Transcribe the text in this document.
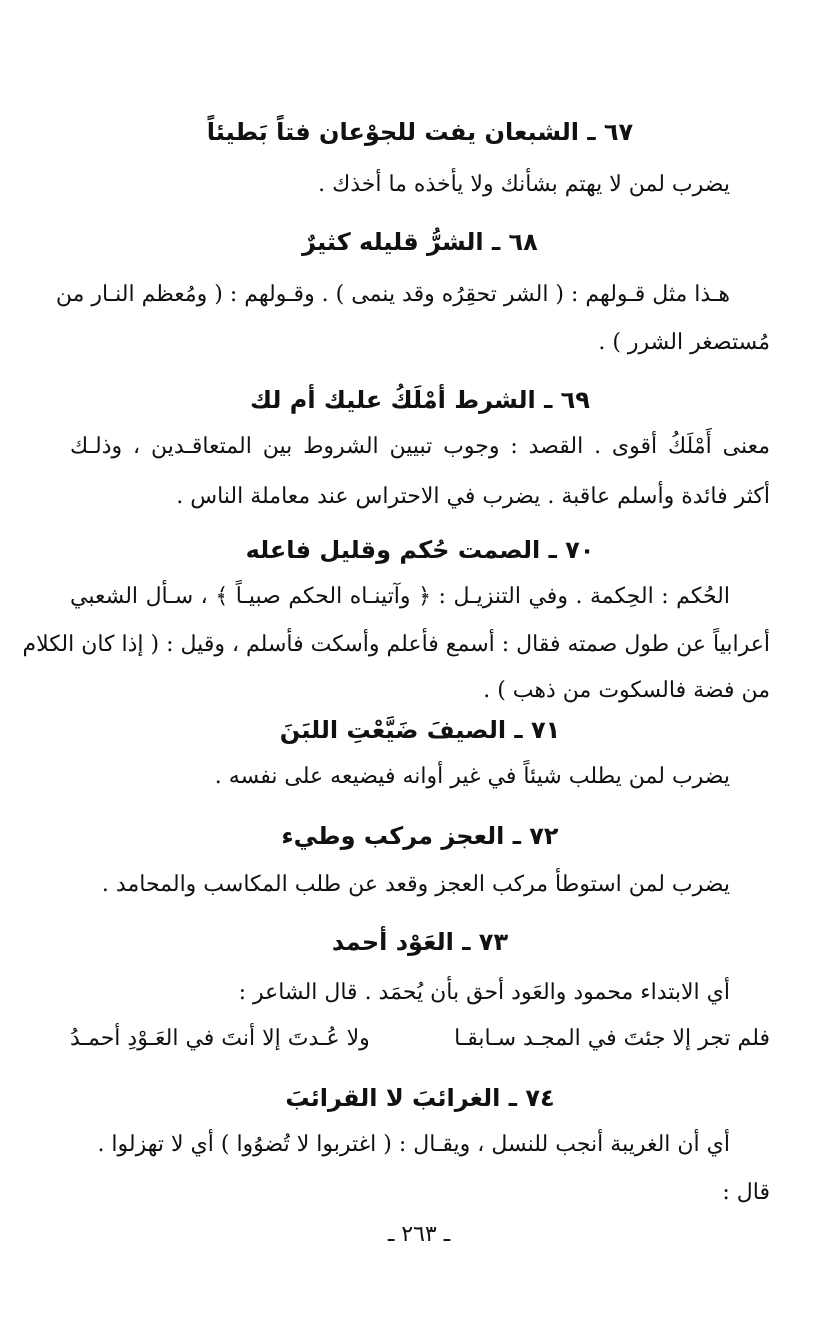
٦٧ ـ الشبعان يفت للجوْعان فتاً بَطيئاً
يضرب لمن لا يهتم بشأنك ولا يأخذه ما أخذك .
٦٨ ـ الشرُّ قليله كثيرٌ
هـذا مثل قـولهم : ( الشر تحقِرُه وقد ينمى ) . وقـولهم : ( ومُعظم النـار من
مُستصغر الشرر ) .
٦٩ ـ الشرط أمْلَكُ عليك أم لك
معنى أَمْلَكُ أقوى . القصد : وجوب تبيين الشروط بين المتعاقـدين ، وذلـك
أكثر فائدة وأسلم عاقبة . يضرب في الاحتراس عند معاملة الناس .
٧٠ ـ الصمت حُكم وقليل فاعله
الحُكم : الحِكمة . وفي التنزيـل : ﴿ وآتينـاه الحكم صبيـاً ﴾ ، سـأل الشعبي
أعرابياً عن طول صمته فقال : أسمع فأعلم وأسكت فأسلم ، وقيل : ( إذا كان الكلام
من فضة فالسكوت من ذهب ) .
٧١ ـ الصيفَ ضَيَّعْتِ اللبَنَ
يضرب لمن يطلب شيئاً في غير أوانه فيضيعه على نفسه .
٧٢ ـ العجز مركب وطيء
يضرب لمن استوطأ مركب العجز وقعد عن طلب المكاسب والمحامد .
٧٣ ـ العَوْد أحمد
أي الابتداء محمود والعَود أحق بأن يُحمَد . قال الشاعر :
فلم تجر إلا جئتَ في المجـد سـابقـا
ولا عُـدتَ إلا أنتَ في العَـوْدِ أحمـدُ
٧٤ ـ الغرائبَ لا القرائبَ
أي أن الغريبة أنجب للنسل ، ويقـال : ( اغتربوا لا تُضوُوا ) أي لا تهزلوا .
قال :
ـ ٢٦٣ ـ
